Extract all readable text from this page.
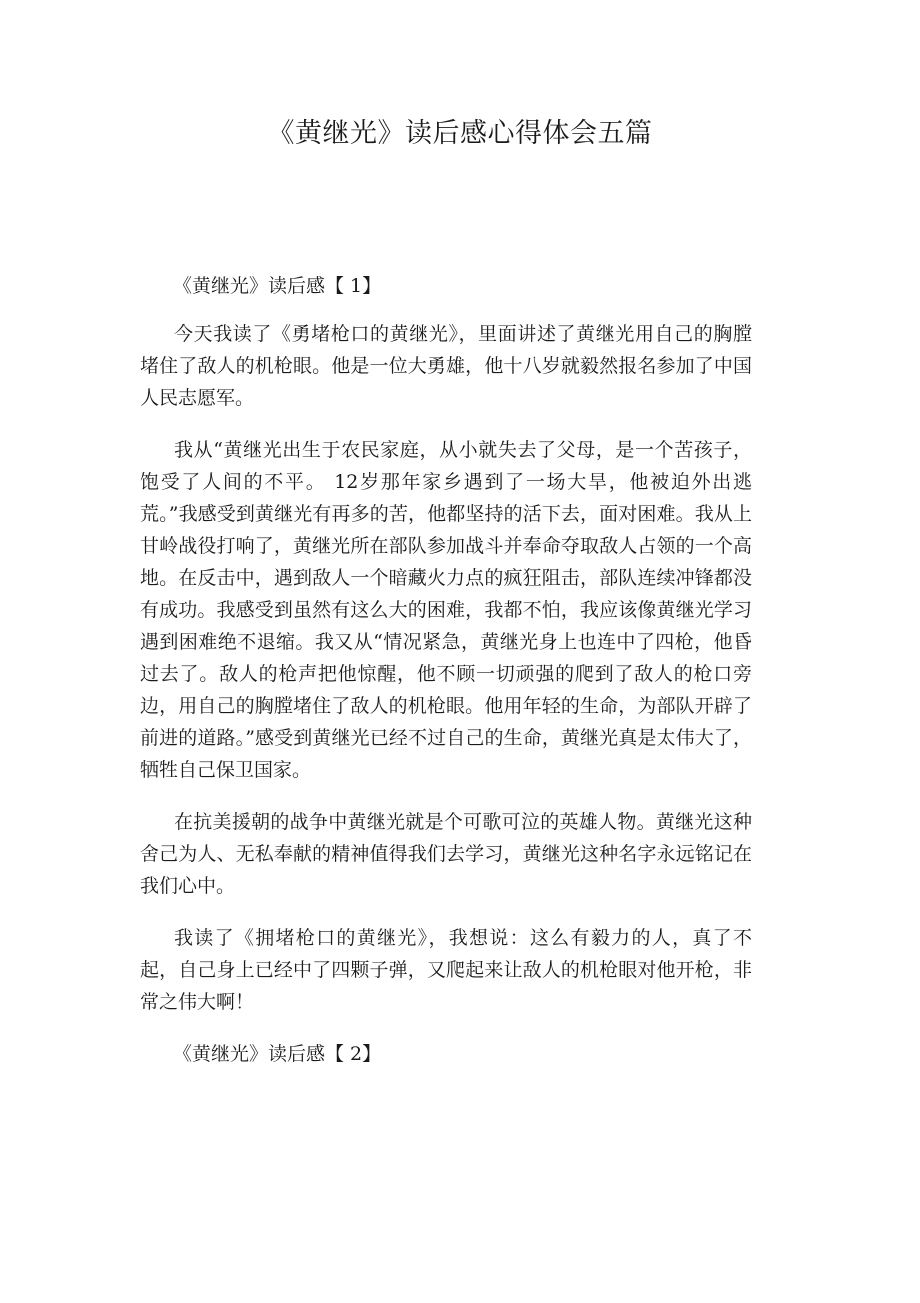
《黄继光》读后感心得体会五篇
《黄继光》读后感【 1】

今天我读了《勇堵枪口的黄继光》，里面讲述了黄继光用自己的胸膛堵住了敌人的机枪眼。他是一位大勇雄，他十八岁就毅然报名参加了中国人民志愿军。

我从“黄继光出生于农民家庭，从小就失去了父母，是一个苦孩子，饱受了人间的不平。 12岁那年家乡遇到了一场大旱，他被迫外出逃荒。”我感受到黄继光有再多的苦，他都坚持的活下去，面对困难。我从上甘岭战役打响了，黄继光所在部队参加战斗并奉命夺取敌人占领的一个高地。在反击中，遇到敌人一个暗藏火力点的疯狂阻击，部队连续冲锋都没有成功。我感受到虽然有这么大的困难，我都不怕，我应该像黄继光学习遇到困难绝不退缩。我又从“情况紧急，黄继光身上也连中了四枪，他昏过去了。敌人的枪声把他惊醒，他不顾一切顽强的爬到了敌人的枪口旁边，用自己的胸膛堵住了敌人的机枪眼。他用年轻的生命，为部队开辟了前进的道路。”感受到黄继光已经不过自己的生命，黄继光真是太伟大了，牺牲自己保卫国家。

在抗美援朝的战争中黄继光就是个可歌可泣的英雄人物。黄继光这种舍己为人、无私奉献的精神值得我们去学习，黄继光这种名字永远铭记在我们心中。

我读了《拥堵枪口的黄继光》，我想说：这么有毅力的人，真了不起，自己身上已经中了四颗子弹，又爬起来让敌人的机枪眼对他开枪，非常之伟大啊！

《黄继光》读后感【 2】
